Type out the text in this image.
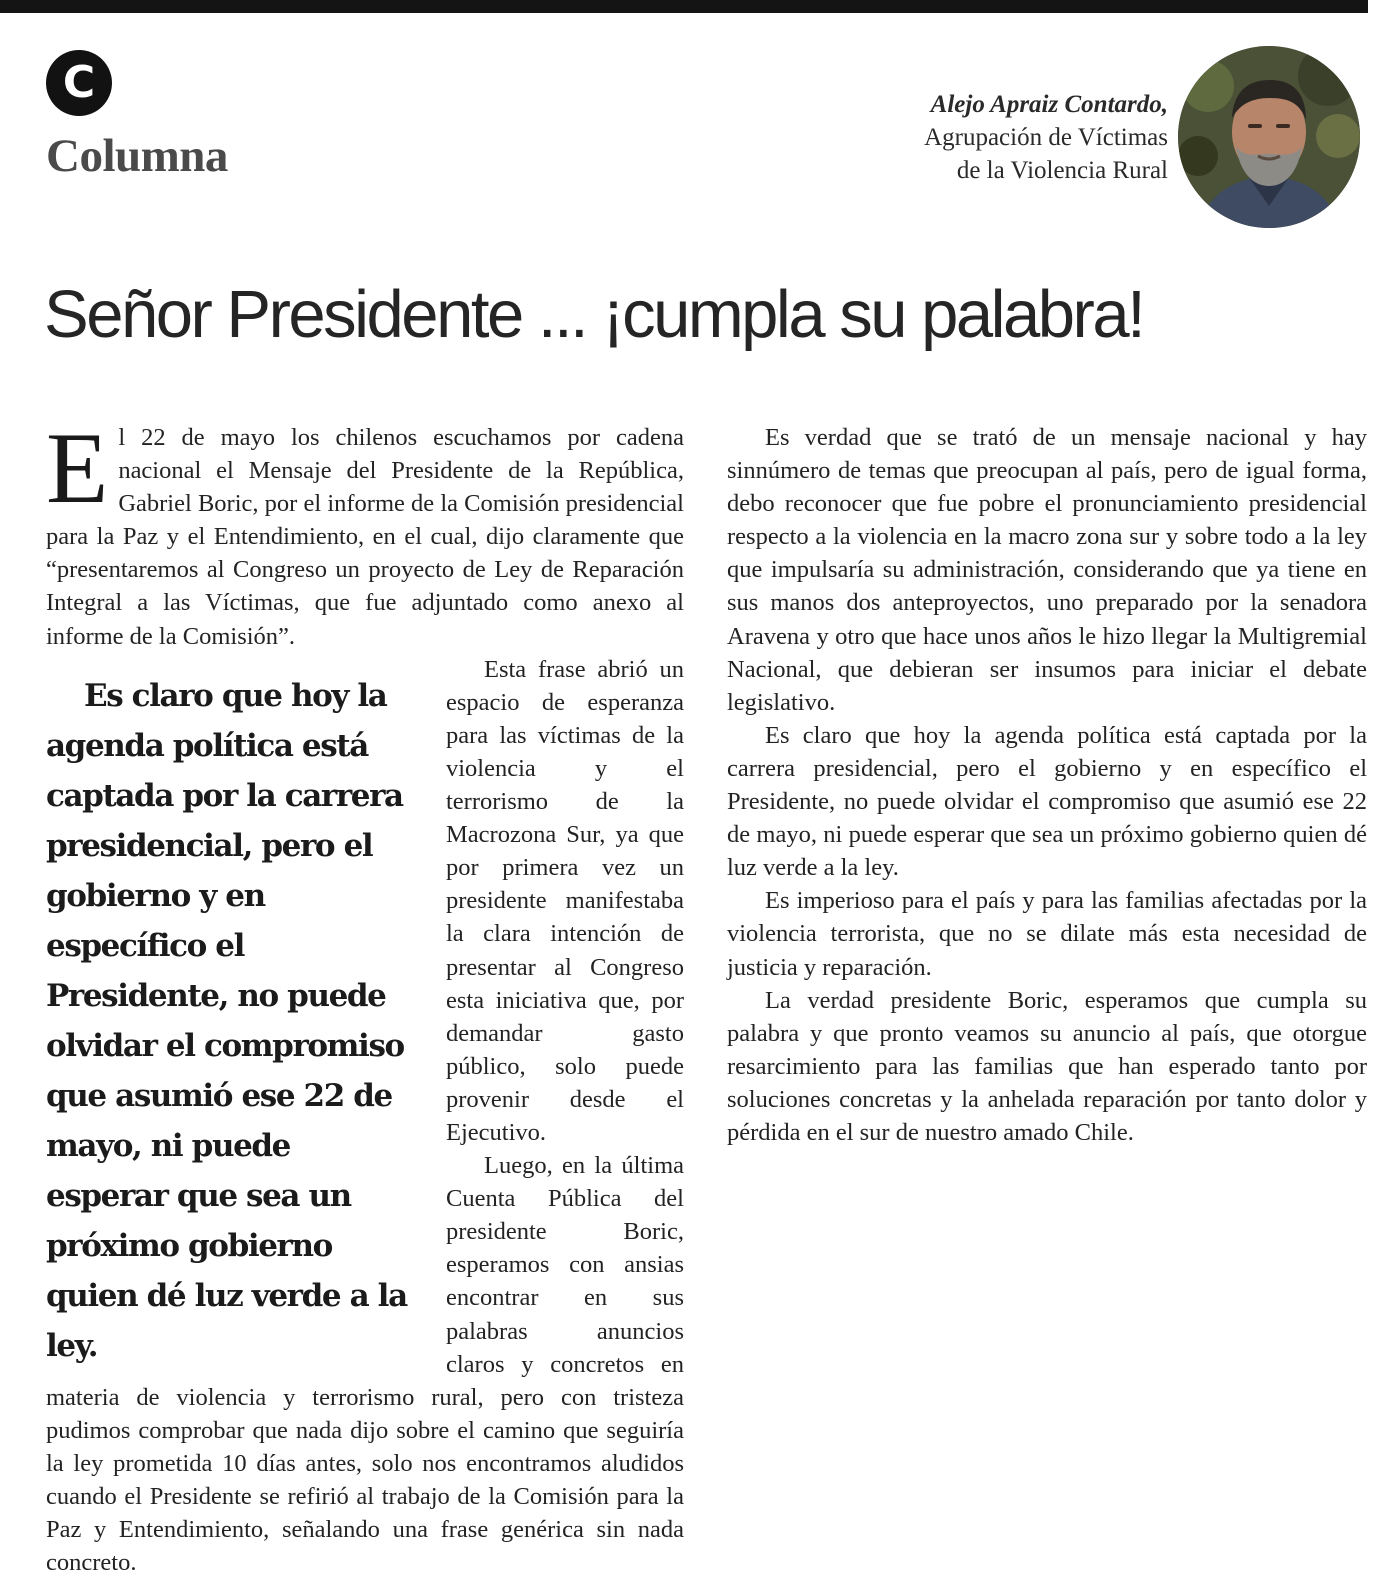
C
Columna
Alejo Apraiz Contardo,
Agrupación de Víctimas
de la Violencia Rural
Señor Presidente ... ¡cumpla su palabra!

El 22 de mayo los chilenos escuchamos por cadena nacional el Mensaje del Presidente de la República, Gabriel Boric, por el informe de la Comisión presidencial para la Paz y el Entendimiento, en el cual, dijo claramente que “presentaremos al Congreso un proyecto de Ley de Reparación Integral a las Víctimas, que fue adjuntado como anexo al informe de la Comisión”.

Es claro que hoy la agenda política está captada por la carrera presidencial, pero el gobierno y en específico el Presidente, no puede olvidar el compromiso que asumió ese 22 de mayo, ni puede esperar que sea un próximo gobierno quien dé luz verde a la ley.
Esta frase abrió un espacio de esperanza para las víctimas de la violencia y el terrorismo de la Macrozona Sur, ya que por primera vez un presidente manifestaba la clara intención de presentar al Congreso esta iniciativa que, por demandar gasto público, solo puede provenir desde el Ejecutivo.

Luego, en la última Cuenta Pública del presidente Boric, esperamos con ansias encontrar en sus palabras anuncios claros y concretos en materia de violencia y terrorismo rural, pero con tristeza pudimos comprobar que nada dijo sobre el camino que seguiría la ley prometida 10 días antes, solo nos encontramos aludidos cuando el Presidente se refirió al trabajo de la Comisión para la Paz y Entendimiento, señalando una frase genérica sin nada concreto.

Es verdad que se trató de un mensaje nacional y hay sinnúmero de temas que preocupan al país, pero de igual forma, debo reconocer que fue pobre el pronunciamiento presidencial respecto a la violencia en la macro zona sur y sobre todo a la ley que impulsaría su administración, considerando que ya tiene en sus manos dos anteproyectos, uno preparado por la senadora Aravena y otro que hace unos años le hizo llegar la Multigremial Nacional, que debieran ser insumos para iniciar el debate legislativo.

Es claro que hoy la agenda política está captada por la carrera presidencial, pero el gobierno y en específico el Presidente, no puede olvidar el compromiso que asumió ese 22 de mayo, ni puede esperar que sea un próximo gobierno quien dé luz verde a la ley.

Es imperioso para el país y para las familias afectadas por la violencia terrorista, que no se dilate más esta necesidad de justicia y reparación.

La verdad presidente Boric, esperamos que cumpla su palabra y que pronto veamos su anuncio al país, que otorgue resarcimiento para las familias que han esperado tanto por soluciones concretas y la anhelada reparación por tanto dolor y pérdida en el sur de nuestro amado Chile.
